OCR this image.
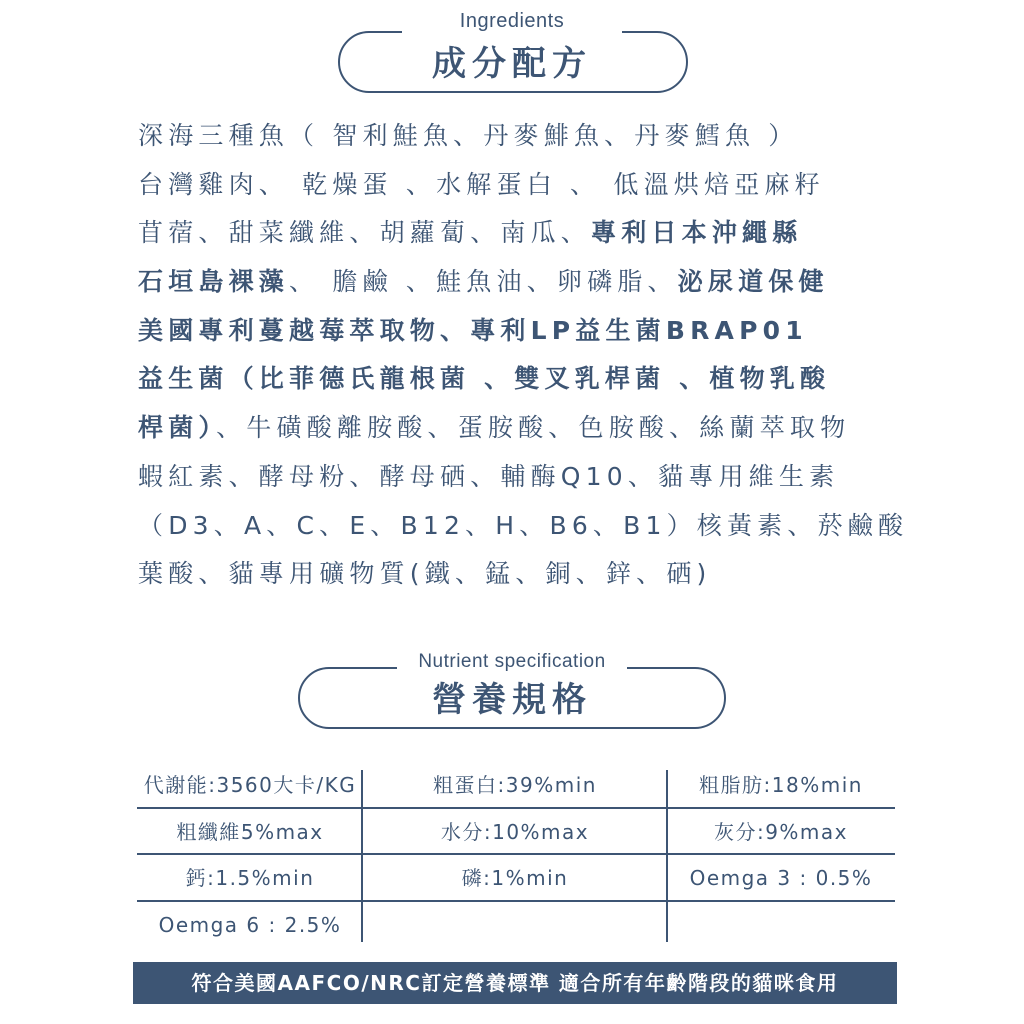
Ingredients
成分配方
深海三種魚（ 智利鮭魚、丹麥鯡魚、丹麥鱈魚 ）
台灣雞肉、 乾燥蛋 、水解蛋白 、 低溫烘焙亞麻籽
苜蓿、甜菜纖維、胡蘿蔔、南瓜、專利日本沖繩縣
石垣島裸藻、 膽鹼 、鮭魚油、卵磷脂、泌尿道保健
美國專利蔓越莓萃取物、專利LP益生菌BRAP01
益生菌（比菲德氏龍根菌 、雙叉乳桿菌 、植物乳酸
桿菌）、牛磺酸離胺酸、蛋胺酸、色胺酸、絲蘭萃取物
蝦紅素、酵母粉、酵母硒、輔酶Q10、貓專用維生素
（D3、A、C、E、B12、H、B6、B1）核黃素、菸鹼酸
葉酸、貓專用礦物質(鐵、錳、銅、鋅、硒)
Nutrient specification
營養規格
代謝能:3560大卡/KG	粗蛋白:39%min	粗脂肪:18%min
粗纖維5%max	水分:10%max	灰分:9%max
鈣:1.5%min	磷:1%min	Oemga 3 : 0.5%
Oemga 6 : 2.5%
符合美國AAFCO/NRC訂定營養標準 適合所有年齡階段的貓咪食用
